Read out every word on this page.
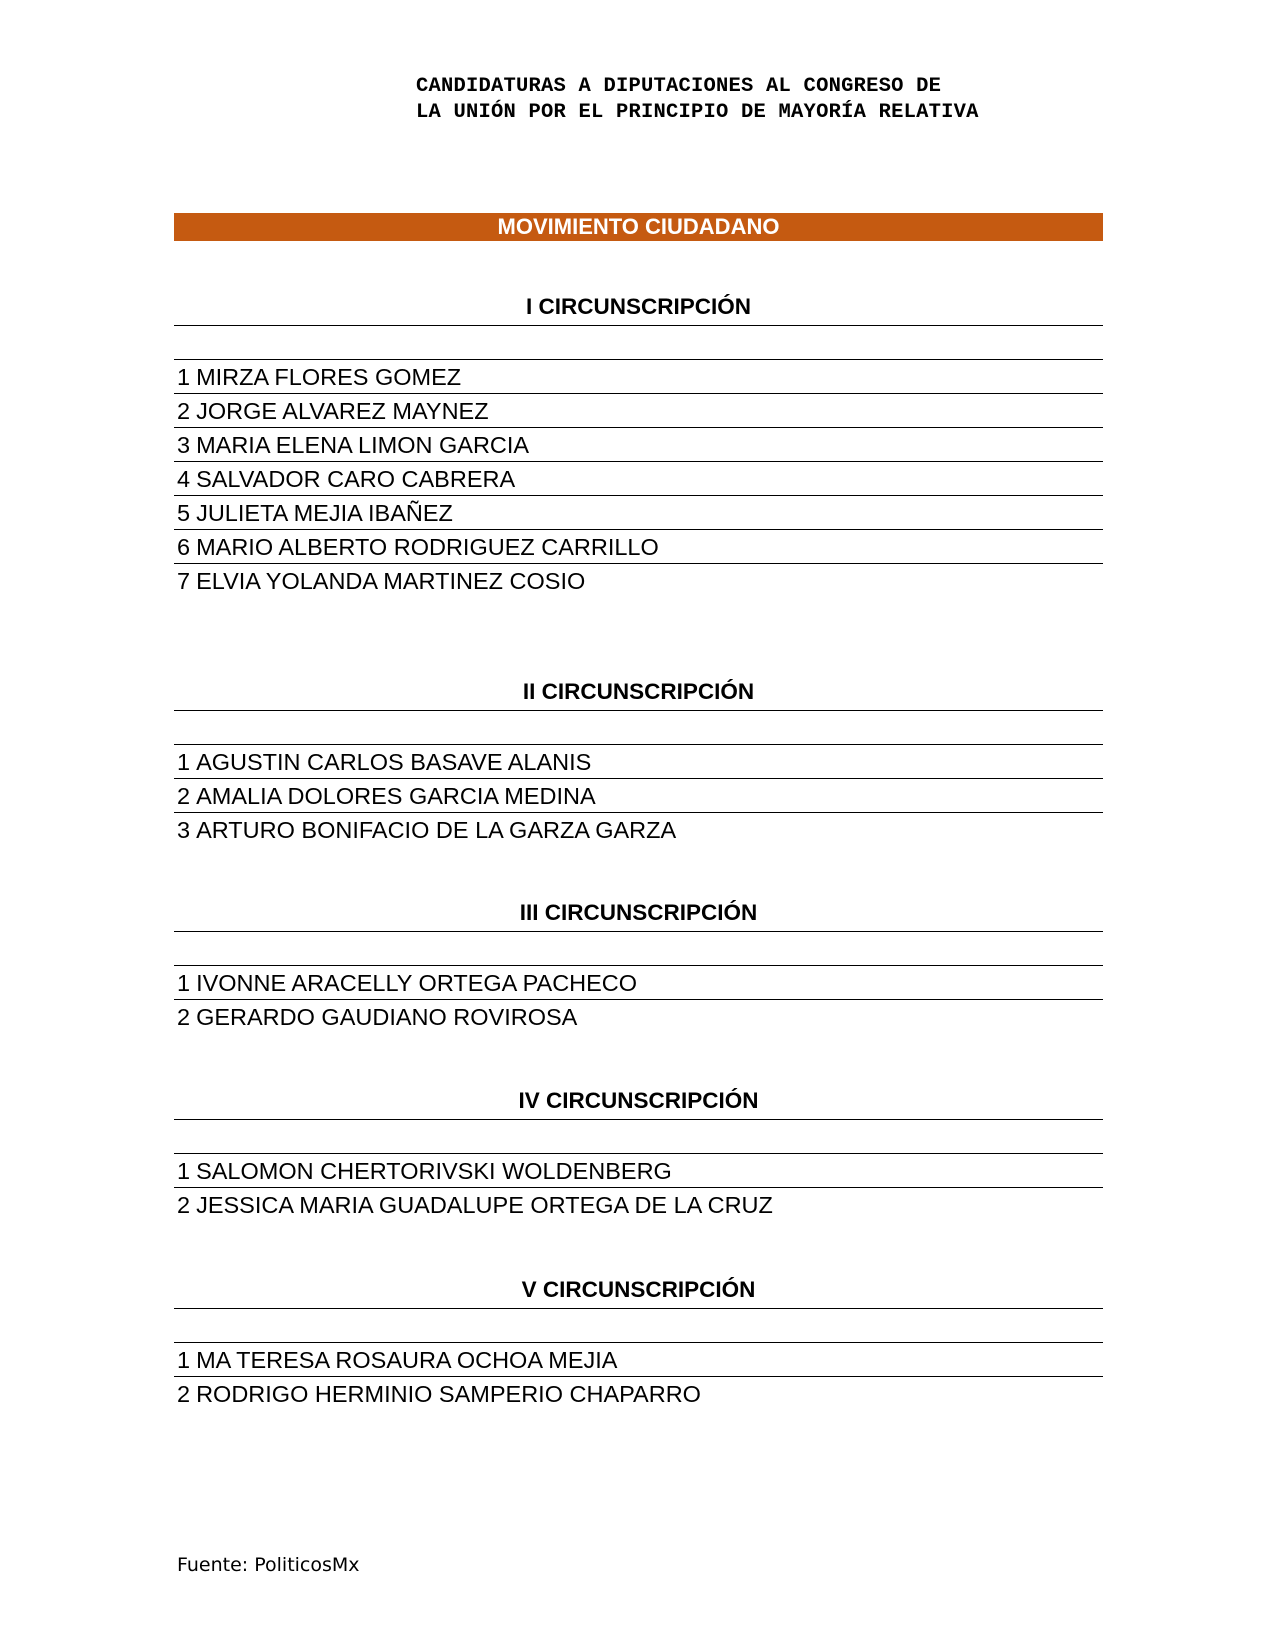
CANDIDATURAS A DIPUTACIONES AL CONGRESO DE
LA UNIÓN POR EL PRINCIPIO DE MAYORÍA RELATIVA
MOVIMIENTO CIUDADANO
I CIRCUNSCRIPCIÓN
1 MIRZA FLORES GOMEZ
2 JORGE ALVAREZ MAYNEZ
3 MARIA ELENA LIMON GARCIA
4 SALVADOR CARO CABRERA
5 JULIETA MEJIA IBAÑEZ
6 MARIO ALBERTO RODRIGUEZ CARRILLO
7 ELVIA YOLANDA MARTINEZ COSIO
II CIRCUNSCRIPCIÓN
1 AGUSTIN CARLOS BASAVE ALANIS
2 AMALIA DOLORES GARCIA MEDINA
3 ARTURO BONIFACIO DE LA GARZA GARZA
III CIRCUNSCRIPCIÓN
1 IVONNE ARACELLY ORTEGA PACHECO
2 GERARDO GAUDIANO ROVIROSA
IV CIRCUNSCRIPCIÓN
1 SALOMON CHERTORIVSKI WOLDENBERG
2 JESSICA MARIA GUADALUPE ORTEGA DE LA CRUZ
V CIRCUNSCRIPCIÓN
1 MA TERESA ROSAURA OCHOA MEJIA
2 RODRIGO HERMINIO SAMPERIO CHAPARRO
Fuente: PoliticosMx
